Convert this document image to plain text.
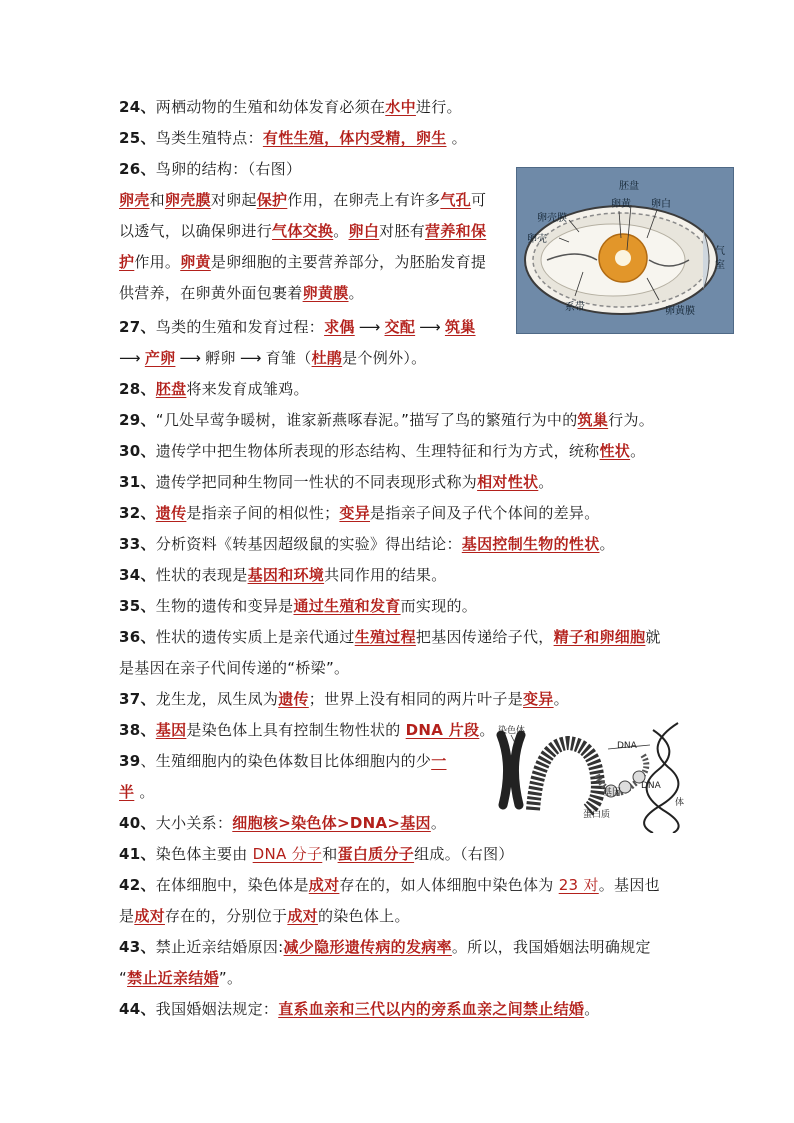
24、两栖动物的生殖和幼体发育必须在水中进行。
25、鸟类生殖特点：有性生殖，体内受精，卵生 。
26、鸟卵的结构：（右图）
卵壳和卵壳膜对卵起保护作用，在卵壳上有许多气孔可
以透气，以确保卵进行气体交换。卵白对胚有营养和保
护作用。卵黄是卵细胞的主要营养部分，为胚胎发育提
供营养，在卵黄外面包裹着卵黄膜。
胚盘
卵黄 卵白
卵壳膜
卵壳
气
室
系带	卵黄膜
27、鸟类的生殖和发育过程：求偶 ⟶ 交配 ⟶ 筑巢
⟶ 产卵 ⟶ 孵卵 ⟶ 育雏（杜鹃是个例外）。
28、胚盘将来发育成雏鸡。
29、“几处早莺争暖树，谁家新燕啄春泥。”描写了鸟的繁殖行为中的筑巢行为。
30、遗传学中把生物体所表现的形态结构、生理特征和行为方式，统称性状。
31、遗传学把同种生物同一性状的不同表现形式称为相对性状。
32、遗传是指亲子间的相似性；变异是指亲子间及子代个体间的差异。
33、分析资料《转基因超级鼠的实验》得出结论：基因控制生物的性状。
34、性状的表现是基因和环境共同作用的结果。
35、生物的遗传和变异是通过生殖和发育而实现的。
36、性状的遗传实质上是亲代通过生殖过程把基因传递给子代，精子和卵细胞就
是基因在亲子代间传递的“桥梁”。
37、龙生龙，凤生凤为遗传；世界上没有相同的两片叶子是变异。
38、基因是染色体上具有控制生物性状的 DNA 片段。
39、生殖细胞内的染色体数目比体细胞内的少一
半 。
染色体
DNA
基因
DNA
体
蛋白质
40、大小关系：细胞核>染色体>DNA>基因。
41、染色体主要由 DNA 分子和蛋白质分子组成。（右图）
42、在体细胞中，染色体是成对存在的，如人体细胞中染色体为 23 对。基因也
是成对存在的，分别位于成对的染色体上。
43、禁止近亲结婚原因:减少隐形遗传病的发病率。所以，我国婚姻法明确规定
“禁止近亲结婚”。
44、我国婚姻法规定：直系血亲和三代以内的旁系血亲之间禁止结婚。
